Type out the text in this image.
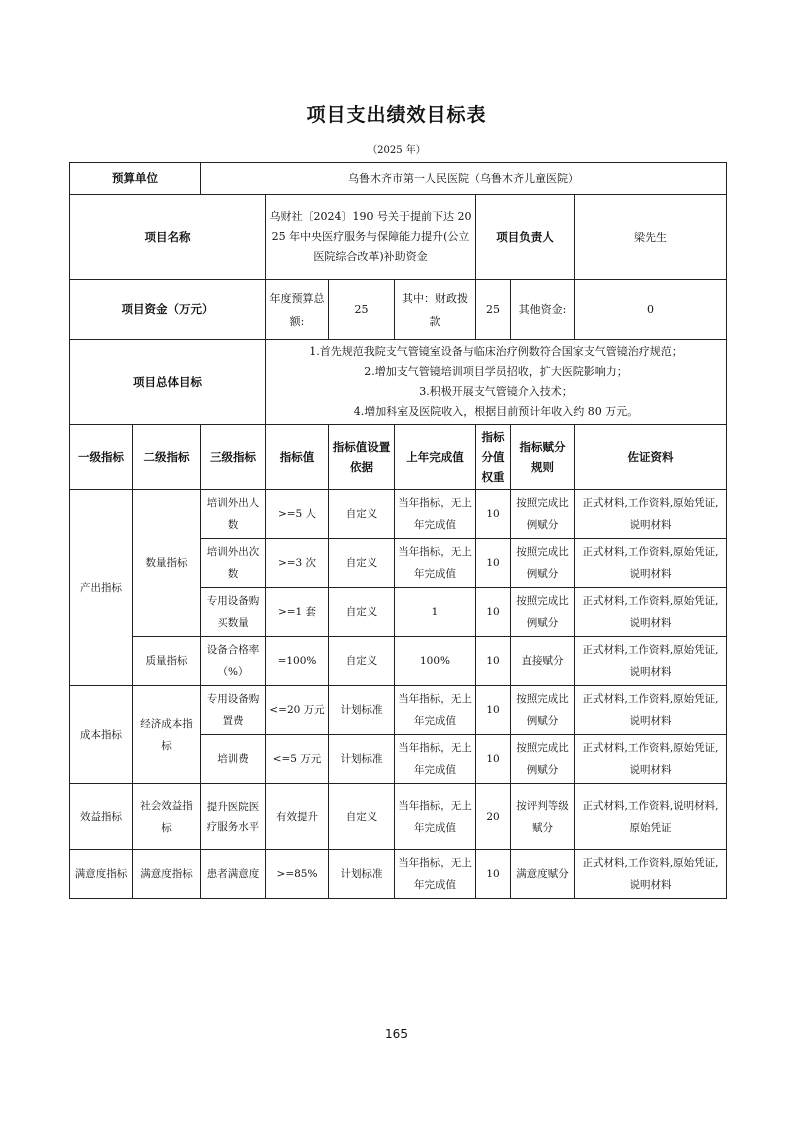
项目支出绩效目标表
（2025 年）
预算单位		乌鲁木齐市第一人民医院（乌鲁木齐儿童医院）						
项目名称			乌财社〔2024〕190 号关于提前下达 2025 年中央医疗服务与保障能力提升(公立医院综合改革)补助资金			项目负责人		梁先生
项目资金（万元）			年度预算总额:	25	其中：财政拨款	25	其他资金:	0
项目总体目标			1.首先规范我院支气管镜室设备与临床治疗例数符合国家支气管镜治疗规范；
2.增加支气管镜培训项目学员招收，扩大医院影响力；
3.积极开展支气管镜介入技术；
4.增加科室及医院收入，根据目前预计年收入约 80 万元。					

一级指标	二级指标	三级指标	指标值	指标值设置依据	上年完成值	指标分值权重	指标赋分规则	佐证资料
产出指标	数量指标	培训外出人数	>=5 人	自定义	当年指标，无上年完成值	10	按照完成比例赋分	正式材料,工作资料,原始凭证,说明材料
		培训外出次数	>=3 次	自定义	当年指标，无上年完成值	10	按照完成比例赋分	正式材料,工作资料,原始凭证,说明材料
		专用设备购买数量	>=1 套	自定义	1	10	按照完成比例赋分	正式材料,工作资料,原始凭证,说明材料
	质量指标	设备合格率（%）	=100%	自定义	100%	10	直接赋分	正式材料,工作资料,原始凭证,说明材料
成本指标	经济成本指标	专用设备购置费	<=20 万元	计划标准	当年指标，无上年完成值	10	按照完成比例赋分	正式材料,工作资料,原始凭证,说明材料
		培训费	<=5 万元	计划标准	当年指标，无上年完成值	10	按照完成比例赋分	正式材料,工作资料,原始凭证,说明材料
效益指标	社会效益指标	提升医院医疗服务水平	有效提升	自定义	当年指标，无上年完成值	20	按评判等级赋分	正式材料,工作资料,说明材料,原始凭证
满意度指标	满意度指标	患者满意度	>=85%	计划标准	当年指标，无上年完成值	10	满意度赋分	正式材料,工作资料,原始凭证,说明材料
165
